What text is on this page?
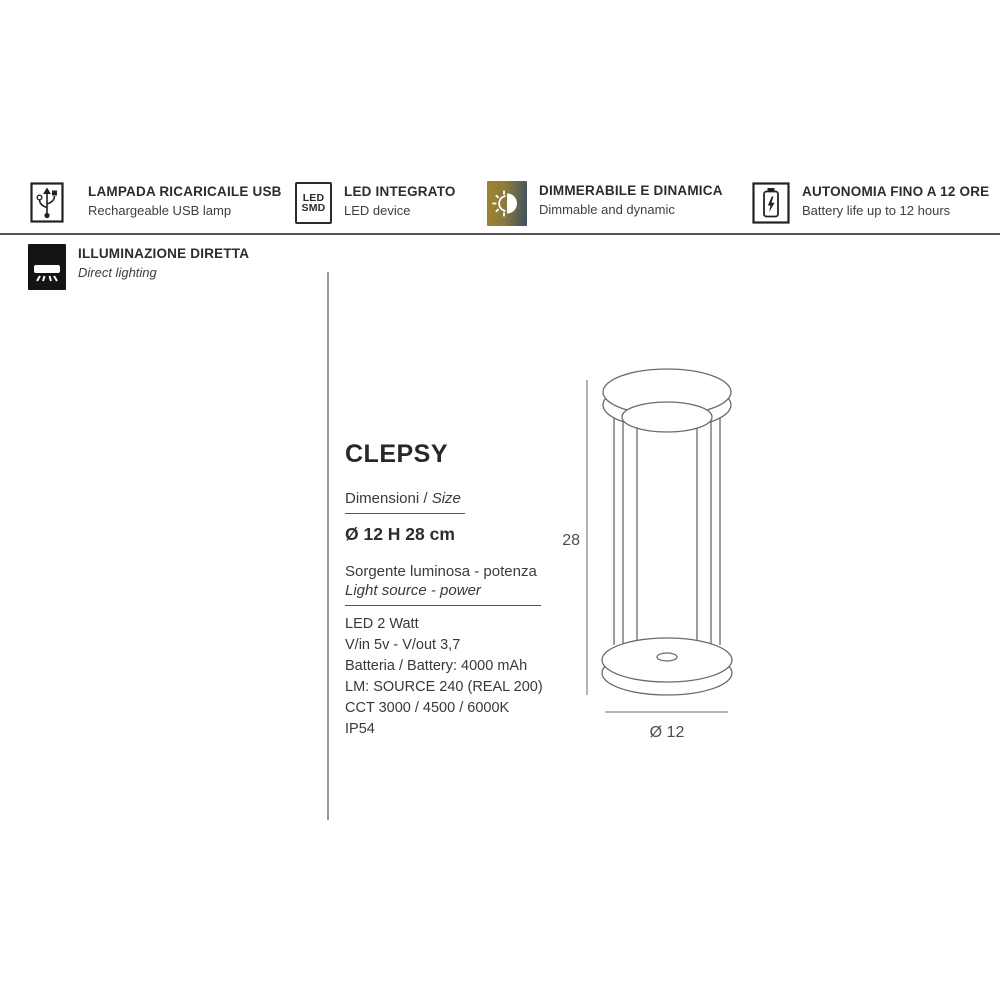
LAMPADA RICARICAILE USB
Rechargeable USB lamp
LED
SMD
LED INTEGRATO
LED device
DIMMERABILE E DINAMICA
Dimmable and dynamic
AUTONOMIA FINO A 12 ORE
Battery life up to 12 hours
ILLUMINAZIONE DIRETTA
Direct lighting
CLEPSY
Dimensioni / Size
Ø 12 H 28 cm
Sorgente luminosa - potenza
Light source - power
LED 2 Watt
V/in 5v - V/out 3,7
Batteria / Battery: 4000 mAh
LM: SOURCE 240 (REAL 200)
CCT 3000 / 4500 / 6000K
IP54
28
Ø 12
